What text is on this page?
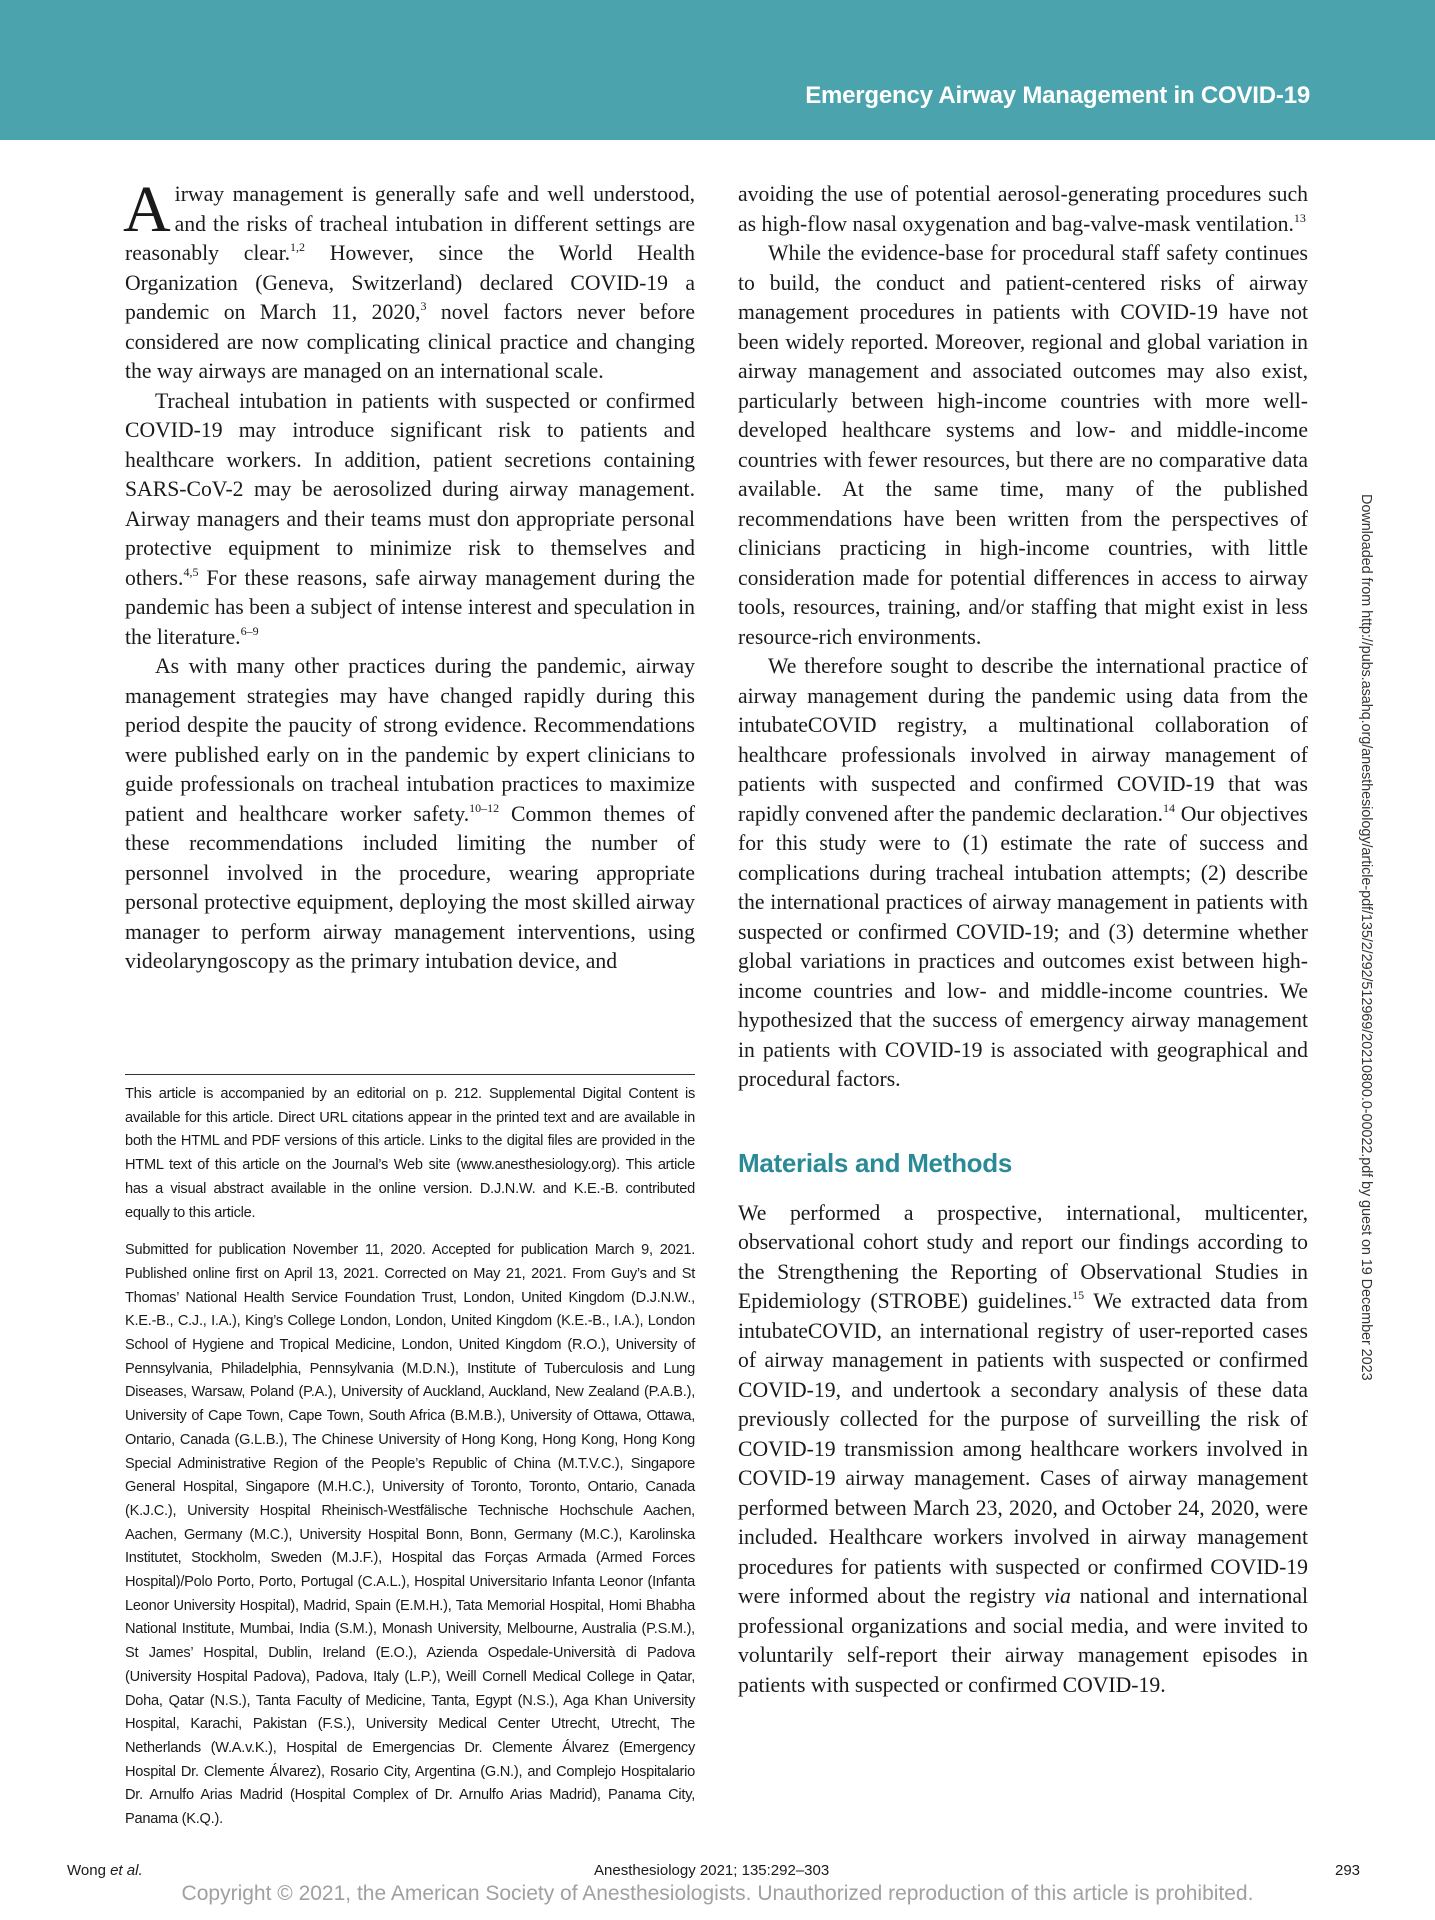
Emergency Airway Management in COVID-19

Airway management is generally safe and well understood, and the risks of tracheal intubation in different settings are reasonably clear.$^{1,2}$ However, since the World Health Organization (Geneva, Switzerland) declared COVID-19 a pandemic on March 11, 2020,$^3$ novel factors never before considered are now complicating clinical practice and changing the way airways are managed on an international scale.

Tracheal intubation in patients with suspected or confirmed COVID-19 may introduce significant risk to patients and healthcare workers. In addition, patient secretions containing SARS-CoV-2 may be aerosolized during airway management. Airway managers and their teams must don appropriate personal protective equipment to minimize risk to themselves and others.$^{4,5}$ For these reasons, safe airway management during the pandemic has been a subject of intense interest and speculation in the literature.$^{6-9}$

As with many other practices during the pandemic, airway management strategies may have changed rapidly during this period despite the paucity of strong evidence. Recommendations were published early on in the pandemic by expert clinicians to guide professionals on tracheal intubation practices to maximize patient and healthcare worker safety.$^{10-12}$ Common themes of these recommendations included limiting the number of personnel involved in the procedure, wearing appropriate personal protective equipment, deploying the most skilled airway manager to perform airway management interventions, using videolaryngoscopy as the primary intubation device, and

This article is accompanied by an editorial on p. 212. Supplemental Digital Content is available for this article. Direct URL citations appear in the printed text and are available in both the HTML and PDF versions of this article. Links to the digital files are provided in the HTML text of this article on the Journal’s Web site (www.anesthesiology.org). This article has a visual abstract available in the online version. D.J.N.W. and K.E.-B. contributed equally to this article.

Submitted for publication November 11, 2020. Accepted for publication March 9, 2021. Published online first on April 13, 2021. Corrected on May 21, 2021. From Guy’s and St Thomas’ National Health Service Foundation Trust, London, United Kingdom (D.J.N.W., K.E.-B., C.J., I.A.), King’s College London, London, United Kingdom (K.E.-B., I.A.), London School of Hygiene and Tropical Medicine, London, United Kingdom (R.O.), University of Pennsylvania, Philadelphia, Pennsylvania (M.D.N.), Institute of Tuberculosis and Lung Diseases, Warsaw, Poland (P.A.), University of Auckland, Auckland, New Zealand (P.A.B.), University of Cape Town, Cape Town, South Africa (B.M.B.), University of Ottawa, Ottawa, Ontario, Canada (G.L.B.), The Chinese University of Hong Kong, Hong Kong, Hong Kong Special Administrative Region of the People’s Republic of China (M.T.V.C.), Singapore General Hospital, Singapore (M.H.C.), University of Toronto, Toronto, Ontario, Canada (K.J.C.), University Hospital Rheinisch-Westfälische Technische Hochschule Aachen, Aachen, Germany (M.C.), University Hospital Bonn, Bonn, Germany (M.C.), Karolinska Institutet, Stockholm, Sweden (M.J.F.), Hospital das Forças Armada (Armed Forces Hospital)/Polo Porto, Porto, Portugal (C.A.L.), Hospital Universitario Infanta Leonor (Infanta Leonor University Hospital), Madrid, Spain (E.M.H.), Tata Memorial Hospital, Homi Bhabha National Institute, Mumbai, India (S.M.), Monash University, Melbourne, Australia (P.S.M.), St James’ Hospital, Dublin, Ireland (E.O.), Azienda Ospedale-Università di Padova (University Hospital Padova), Padova, Italy (L.P.), Weill Cornell Medical College in Qatar, Doha, Qatar (N.S.), Tanta Faculty of Medicine, Tanta, Egypt (N.S.), Aga Khan University Hospital, Karachi, Pakistan (F.S.), University Medical Center Utrecht, Utrecht, The Netherlands (W.A.v.K.), Hospital de Emergencias Dr. Clemente Álvarez (Emergency Hospital Dr. Clemente Álvarez), Rosario City, Argentina (G.N.), and Complejo Hospitalario Dr. Arnulfo Arias Madrid (Hospital Complex of Dr. Arnulfo Arias Madrid), Panama City, Panama (K.Q.).

avoiding the use of potential aerosol-generating procedures such as high-flow nasal oxygenation and bag-valve-mask ventilation.$^{13}$

While the evidence-base for procedural staff safety continues to build, the conduct and patient-centered risks of airway management procedures in patients with COVID-19 have not been widely reported. Moreover, regional and global variation in airway management and associated outcomes may also exist, particularly between high-income countries with more well-developed healthcare systems and low- and middle-income countries with fewer resources, but there are no comparative data available. At the same time, many of the published recommendations have been written from the perspectives of clinicians practicing in high-income countries, with little consideration made for potential differences in access to airway tools, resources, training, and/or staffing that might exist in less resource-rich environments.

We therefore sought to describe the international practice of airway management during the pandemic using data from the intubateCOVID registry, a multinational collaboration of healthcare professionals involved in airway management of patients with suspected and confirmed COVID-19 that was rapidly convened after the pandemic declaration.$^{14}$ Our objectives for this study were to (1) estimate the rate of success and complications during tracheal intubation attempts; (2) describe the international practices of airway management in patients with suspected or confirmed COVID-19; and (3) determine whether global variations in practices and outcomes exist between high-income countries and low- and middle-income countries. We hypothesized that the success of emergency airway management in patients with COVID-19 is associated with geographical and procedural factors.

Materials and Methods

We performed a prospective, international, multicenter, observational cohort study and report our findings according to the Strengthening the Reporting of Observational Studies in Epidemiology (STROBE) guidelines.$^{15}$ We extracted data from intubateCOVID, an international registry of user-reported cases of airway management in patients with suspected or confirmed COVID-19, and undertook a secondary analysis of these data previously collected for the purpose of surveilling the risk of COVID-19 transmission among healthcare workers involved in COVID-19 airway management. Cases of airway management performed between March 23, 2020, and October 24, 2020, were included. Healthcare workers involved in airway management procedures for patients with suspected or confirmed COVID-19 were informed about the registry via national and international professional organizations and social media, and were invited to voluntarily self-report their airway management episodes in patients with suspected or confirmed COVID-19.

Downloaded from http://pubs.asahq.org/anesthesiology/article-pdf/135/2/292/512969/20210800.0-00022.pdf by guest on 19 December 2023
Wong et al.	Anesthesiology 2021; 135:292–303	293
Copyright © 2021, the American Society of Anesthesiologists. Unauthorized reproduction of this article is prohibited.
